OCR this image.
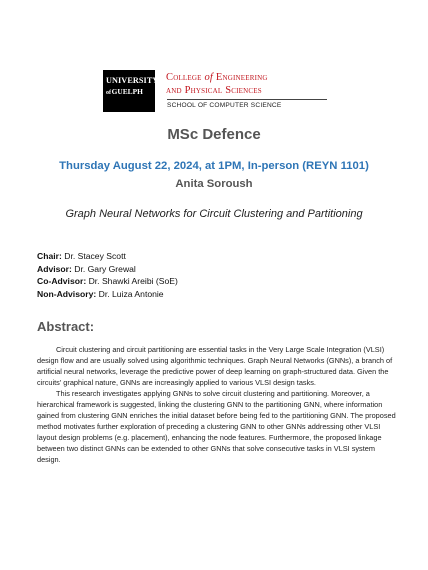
UNIVERSITY
of GUELPH
College of Engineering
and Physical Sciences
SCHOOL OF COMPUTER SCIENCE
MSc Defence
Thursday August 22, 2024, at 1PM, In-person (REYN 1101)
Anita Soroush
Graph Neural Networks for Circuit Clustering and Partitioning
Chair: Dr. Stacey Scott
Advisor: Dr. Gary Grewal
Co-Advisor: Dr. Shawki Areibi (SoE)
Non-Advisory: Dr. Luiza Antonie
Abstract:

Circuit clustering and circuit partitioning are essential tasks in the Very Large Scale Integration (VLSI) design flow and are usually solved using algorithmic techniques. Graph Neural Networks (GNNs), a branch of artificial neural networks, leverage the predictive power of deep learning on graph-structured data. Given the circuits' graphical nature, GNNs are increasingly applied to various VLSI design tasks.

This research investigates applying GNNs to solve circuit clustering and partitioning. Moreover, a hierarchical framework is suggested, linking the clustering GNN to the partitioning GNN, where information gained from clustering GNN enriches the initial dataset before being fed to the partitioning GNN. The proposed method motivates further exploration of preceding a clustering GNN to other GNNs addressing other VLSI layout design problems (e.g. placement), enhancing the node features. Furthermore, the proposed linkage between two distinct GNNs can be extended to other GNNs that solve consecutive tasks in VLSI system design.
